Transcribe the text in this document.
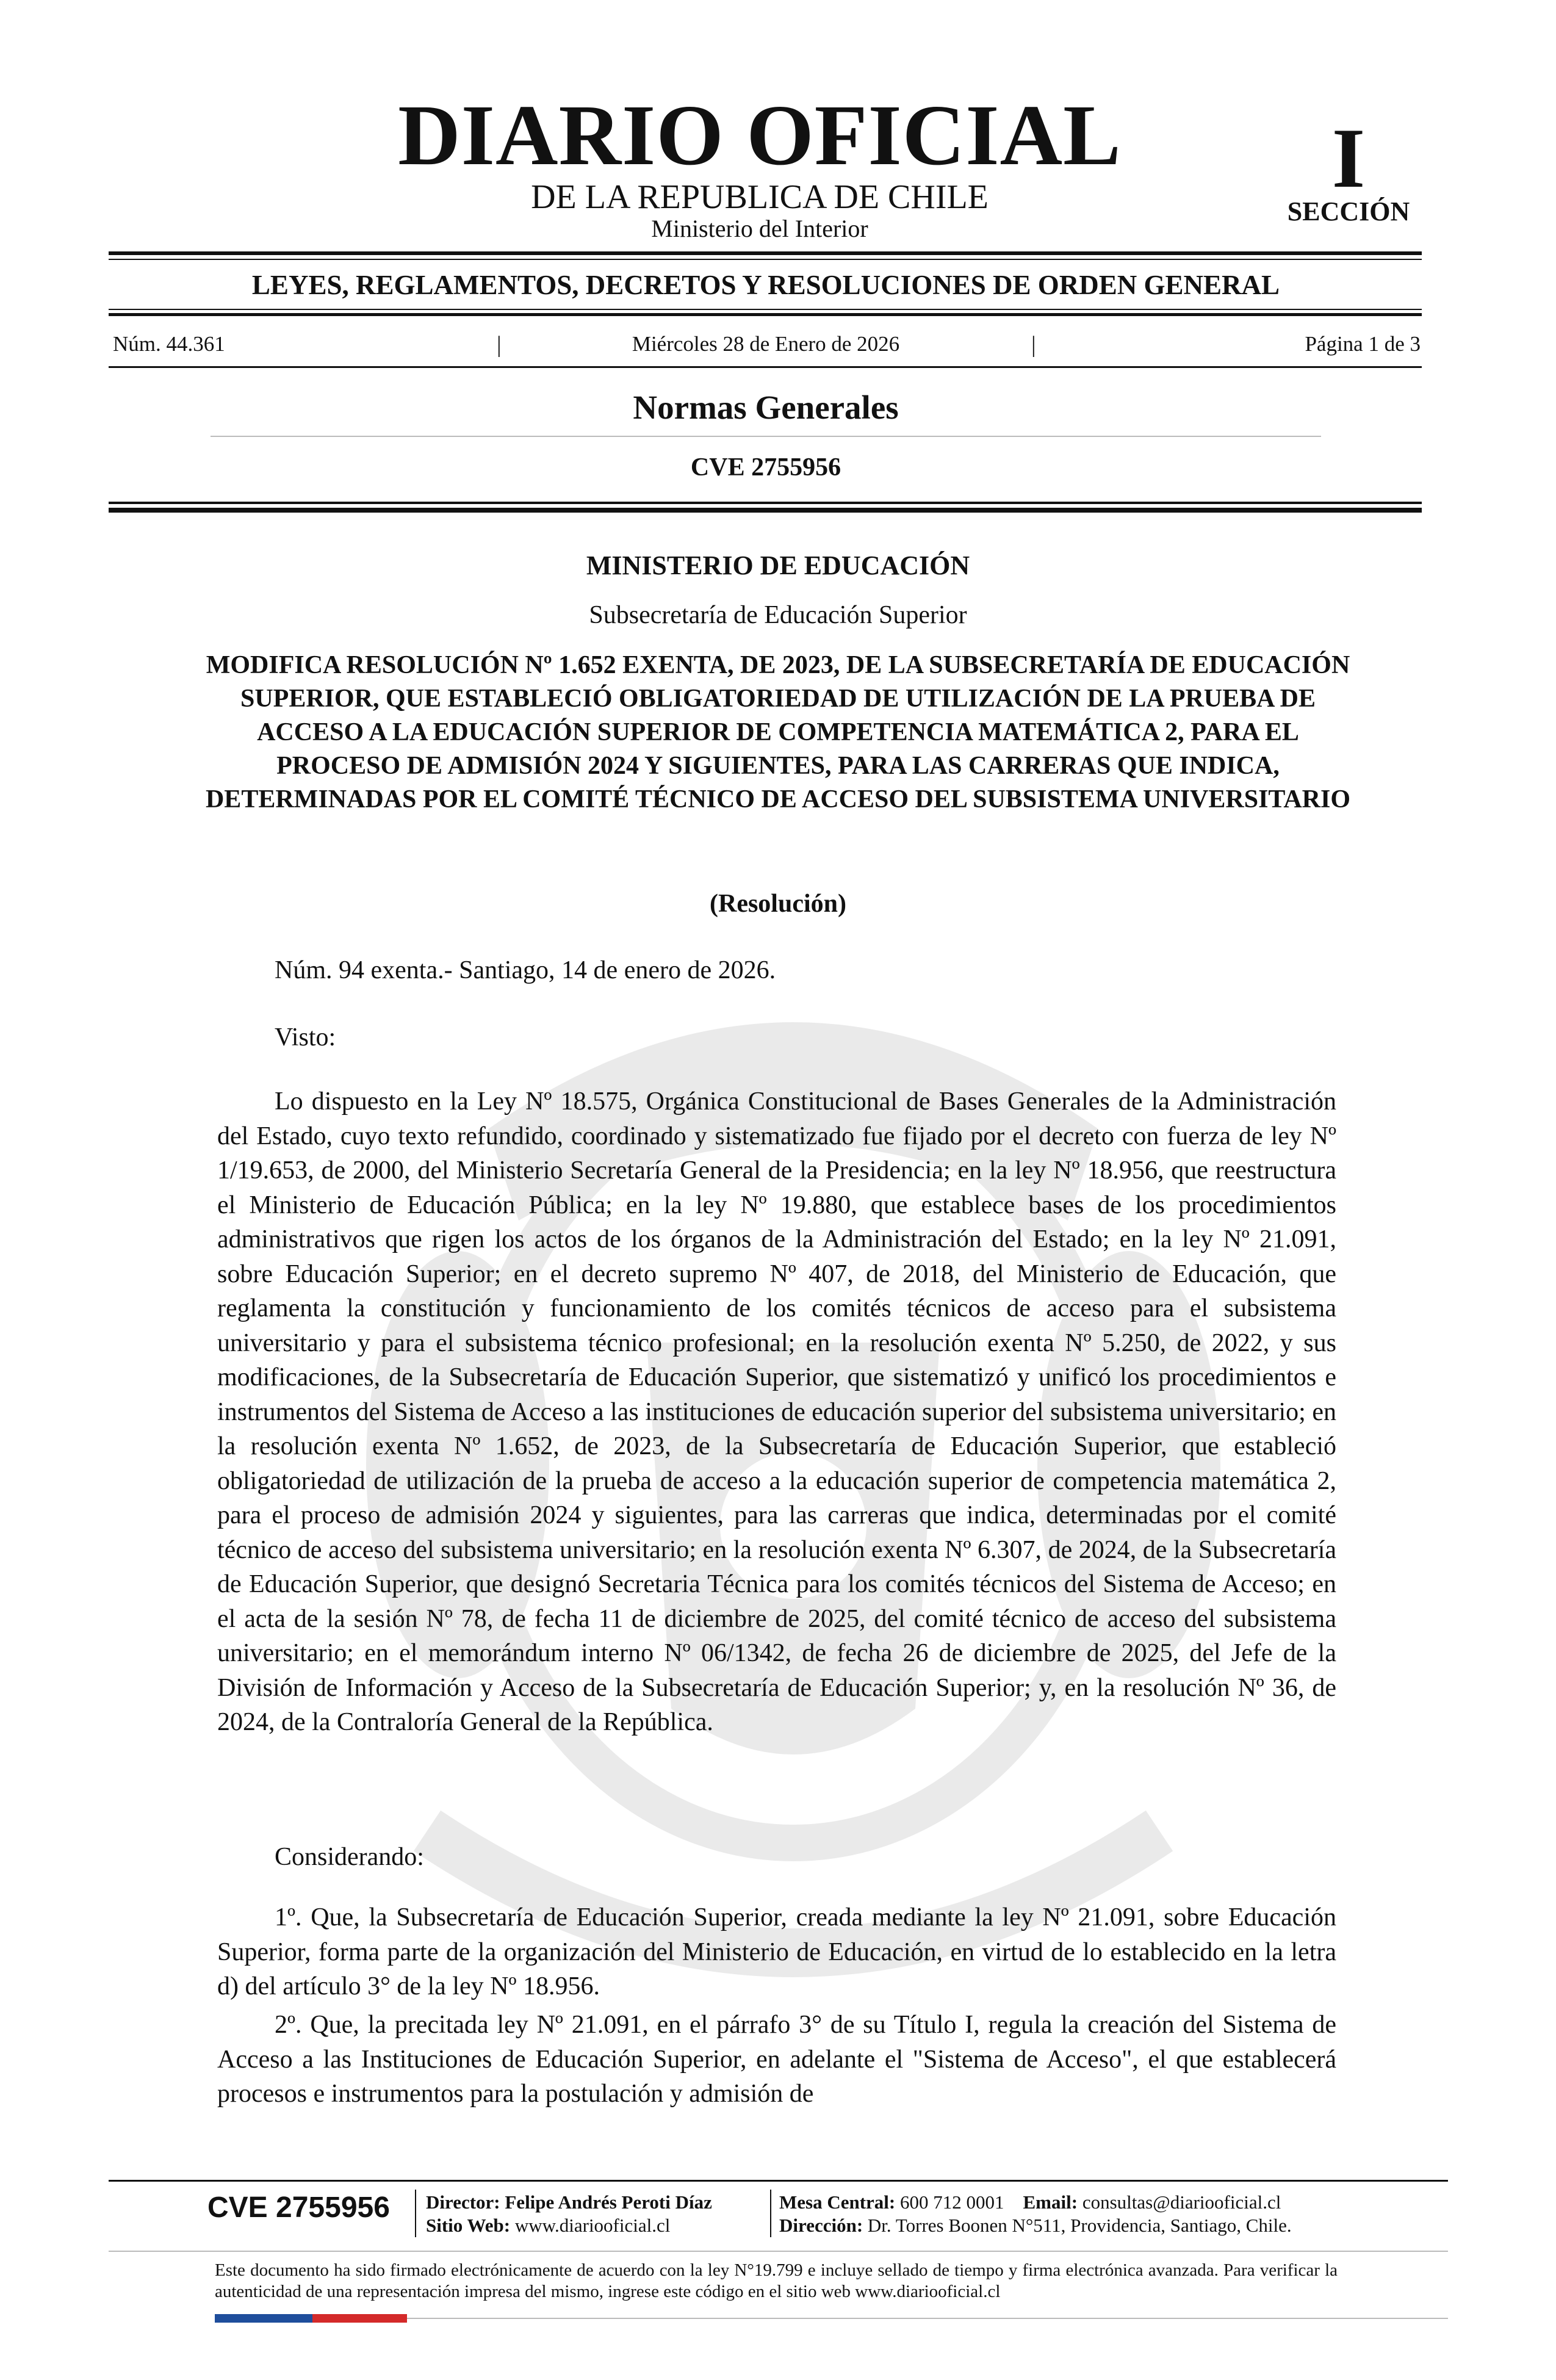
DIARIO OFICIAL
DE LA REPUBLICA DE CHILE
Ministerio del Interior
I
SECCIÓN
LEYES, REGLAMENTOS, DECRETOS Y RESOLUCIONES DE ORDEN GENERAL
Núm. 44.361	|	Miércoles 28 de Enero de 2026	|	Página 1 de 3
Normas Generales
CVE 2755956
MINISTERIO DE EDUCACIÓN
Subsecretaría de Educación Superior
MODIFICA RESOLUCIÓN Nº 1.652 EXENTA, DE 2023, DE LA SUBSECRETARÍA DE EDUCACIÓN SUPERIOR, QUE ESTABLECIÓ OBLIGATORIEDAD DE UTILIZACIÓN DE LA PRUEBA DE ACCESO A LA EDUCACIÓN SUPERIOR DE COMPETENCIA MATEMÁTICA 2, PARA EL PROCESO DE ADMISIÓN 2024 Y SIGUIENTES, PARA LAS CARRERAS QUE INDICA, DETERMINADAS POR EL COMITÉ TÉCNICO DE ACCESO DEL SUBSISTEMA UNIVERSITARIO
(Resolución)
Núm. 94 exenta.- Santiago, 14 de enero de 2026.
Visto:
Lo dispuesto en la Ley Nº 18.575, Orgánica Constitucional de Bases Generales de la Administración del Estado, cuyo texto refundido, coordinado y sistematizado fue fijado por el decreto con fuerza de ley Nº 1/19.653, de 2000, del Ministerio Secretaría General de la Presidencia; en la ley Nº 18.956, que reestructura el Ministerio de Educación Pública; en la ley Nº 19.880, que establece bases de los procedimientos administrativos que rigen los actos de los órganos de la Administración del Estado; en la ley Nº 21.091, sobre Educación Superior; en el decreto supremo Nº 407, de 2018, del Ministerio de Educación, que reglamenta la constitución y funcionamiento de los comités técnicos de acceso para el subsistema universitario y para el subsistema técnico profesional; en la resolución exenta Nº 5.250, de 2022, y sus modificaciones, de la Subsecretaría de Educación Superior, que sistematizó y unificó los procedimientos e instrumentos del Sistema de Acceso a las instituciones de educación superior del subsistema universitario; en la resolución exenta Nº 1.652, de 2023, de la Subsecretaría de Educación Superior, que estableció obligatoriedad de utilización de la prueba de acceso a la educación superior de competencia matemática 2, para el proceso de admisión 2024 y siguientes, para las carreras que indica, determinadas por el comité técnico de acceso del subsistema universitario; en la resolución exenta Nº 6.307, de 2024, de la Subsecretaría de Educación Superior, que designó Secretaria Técnica para los comités técnicos del Sistema de Acceso; en el acta de la sesión Nº 78, de fecha 11 de diciembre de 2025, del comité técnico de acceso del subsistema universitario; en el memorándum interno Nº 06/1342, de fecha 26 de diciembre de 2025, del Jefe de la División de Información y Acceso de la Subsecretaría de Educación Superior; y, en la resolución Nº 36, de 2024, de la Contraloría General de la República.
Considerando:
1º. Que, la Subsecretaría de Educación Superior, creada mediante la ley Nº 21.091, sobre Educación Superior, forma parte de la organización del Ministerio de Educación, en virtud de lo establecido en la letra d) del artículo 3° de la ley Nº 18.956.
2º. Que, la precitada ley Nº 21.091, en el párrafo 3° de su Título I, regula la creación del Sistema de Acceso a las Instituciones de Educación Superior, en adelante el "Sistema de Acceso", el que establecerá procesos e instrumentos para la postulación y admisión de
CVE 2755956 Director: Felipe Andrés Peroti Díaz
Sitio Web: www.diariooficial.cl
Mesa Central: 600 712 0001 Email: consultas@diariooficial.cl
Dirección: Dr. Torres Boonen N°511, Providencia, Santiago, Chile.
Este documento ha sido firmado electrónicamente de acuerdo con la ley N°19.799 e incluye sellado de tiempo y firma electrónica avanzada. Para verificar la autenticidad de una representación impresa del mismo, ingrese este código en el sitio web www.diariooficial.cl
